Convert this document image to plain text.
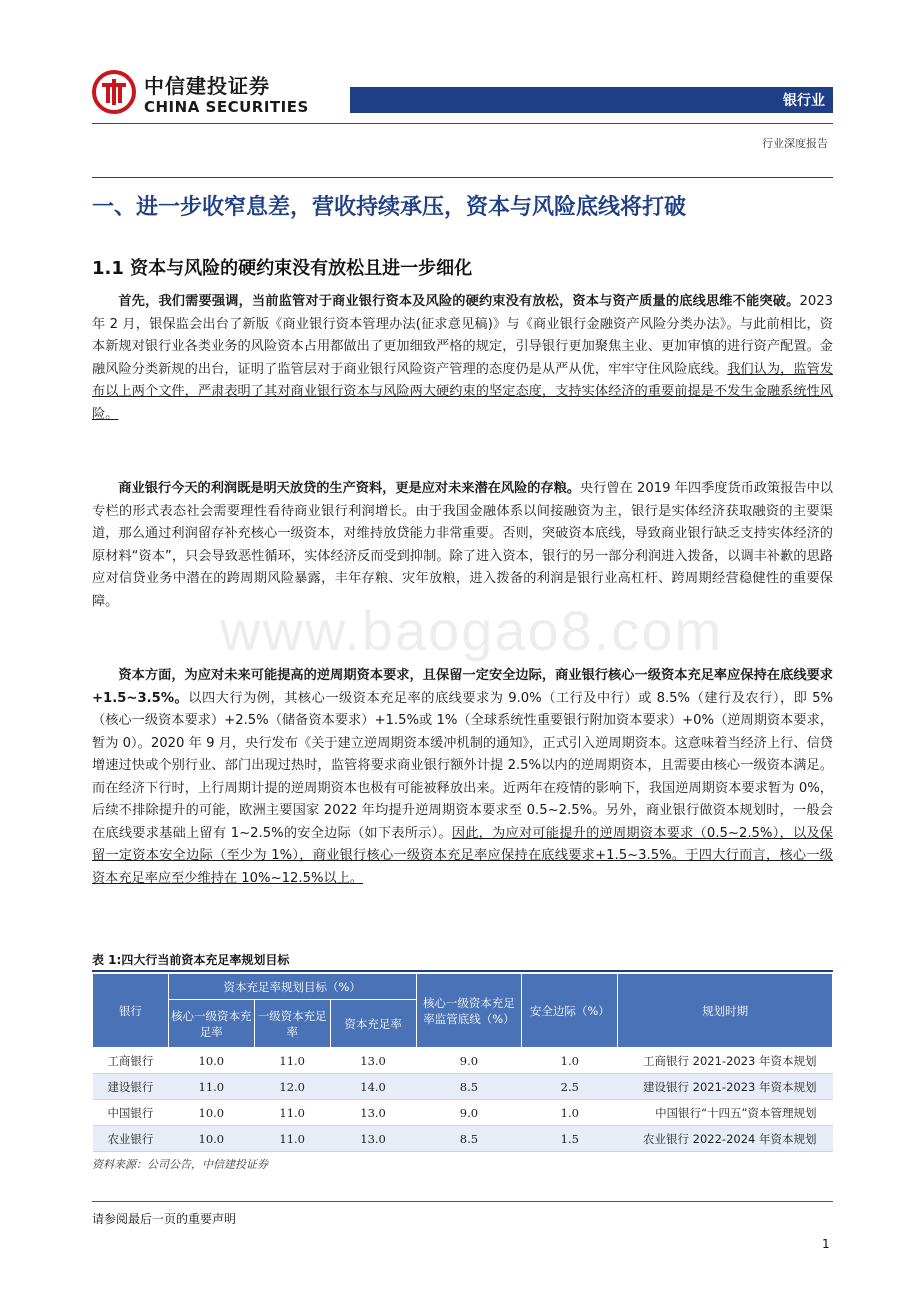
中信建投证券
CHINA SECURITIES	银行业
行业深度报告
一、进一步收窄息差，营收持续承压，资本与风险底线将打破
1.1 资本与风险的硬约束没有放松且进一步细化
www.baogao8.com
首先，我们需要强调，当前监管对于商业银行资本及风险的硬约束没有放松，资本与资产质量的底线思维不能突破。2023 年 2 月，银保监会出台了新版《商业银行资本管理办法(征求意见稿)》与《商业银行金融资产风险分类办法》。与此前相比，资本新规对银行业各类业务的风险资本占用都做出了更加细致严格的规定，引导银行更加聚焦主业、更加审慎的进行资产配置。金融风险分类新规的出台，证明了监管层对于商业银行风险资产管理的态度仍是从严从优，牢牢守住风险底线。我们认为，监管发布以上两个文件，严肃表明了其对商业银行资本与风险两大硬约束的坚定态度，支持实体经济的重要前提是不发生金融系统性风险。
商业银行今天的利润既是明天放贷的生产资料，更是应对未来潜在风险的存粮。央行曾在 2019 年四季度货币政策报告中以专栏的形式表态社会需要理性看待商业银行利润增长。由于我国金融体系以间接融资为主，银行是实体经济获取融资的主要渠道，那么通过利润留存补充核心一级资本，对维持放贷能力非常重要。否则，突破资本底线，导致商业银行缺乏支持实体经济的原材料“资本”，只会导致恶性循环，实体经济反而受到抑制。除了进入资本，银行的另一部分利润进入拨备，以调丰补歉的思路应对信贷业务中潜在的跨周期风险暴露，丰年存粮、灾年放粮，进入拨备的利润是银行业高杠杆、跨周期经营稳健性的重要保障。
资本方面，为应对未来可能提高的逆周期资本要求，且保留一定安全边际，商业银行核心一级资本充足率应保持在底线要求+1.5~3.5%。以四大行为例，其核心一级资本充足率的底线要求为 9.0%（工行及中行）或 8.5%（建行及农行），即 5%（核心一级资本要求）+2.5%（储备资本要求）+1.5%或 1%（全球系统性重要银行附加资本要求）+0%（逆周期资本要求，暂为 0）。2020 年 9 月，央行发布《关于建立逆周期资本缓冲机制的通知》，正式引入逆周期资本。这意味着当经济上行、信贷增速过快或个别行业、部门出现过热时，监管将要求商业银行额外计提 2.5%以内的逆周期资本，且需要由核心一级资本满足。而在经济下行时，上行周期计提的逆周期资本也极有可能被释放出来。近两年在疫情的影响下，我国逆周期资本要求暂为 0%，后续不排除提升的可能，欧洲主要国家 2022 年均提升逆周期资本要求至 0.5~2.5%。另外，商业银行做资本规划时，一般会在底线要求基础上留有 1~2.5%的安全边际（如下表所示）。因此，为应对可能提升的逆周期资本要求（0.5~2.5%），以及保留一定资本安全边际（至少为 1%），商业银行核心一级资本充足率应保持在底线要求+1.5~3.5%。于四大行而言，核心一级资本充足率应至少维持在 10%~12.5%以上。
表 1:四大行当前资本充足率规划目标
银行	资本充足率规划目标（%）			核心一级资本充足率监管底线（%）	安全边际（%）	规划时期
	核心一级资本充足率	一级资本充足率	资本充足率			

工商银行	10.0	11.0	13.0	9.0	1.0	工商银行 2021-2023 年资本规划
建设银行	11.0	12.0	14.0	8.5	2.5	建设银行 2021-2023 年资本规划
中国银行	10.0	11.0	13.0	9.0	1.0	中国银行“十四五”资本管理规划
农业银行	10.0	11.0	13.0	8.5	1.5	农业银行 2022-2024 年资本规划
资料来源：公司公告，中信建投证券
请参阅最后一页的重要声明
1
